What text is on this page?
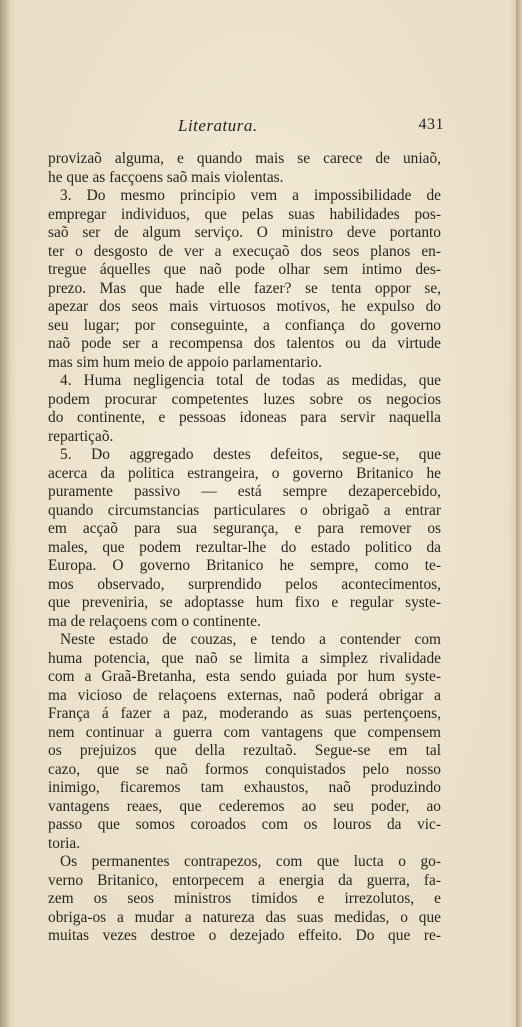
Literatura.	431
provizaõ alguma, e quando mais se carece de uniaõ,
he que as facçoens saõ mais violentas.
3. Do mesmo principio vem a impossibilidade de
empregar individuos, que pelas suas habilidades pos-
saõ ser de algum serviço. O ministro deve portanto
ter o desgosto de ver a execuçaõ dos seos planos en-
tregue áquelles que naõ pode olhar sem intimo des-
prezo. Mas que hade elle fazer? se tenta oppor se,
apezar dos seos mais virtuosos motivos, he expulso do
seu lugar; por conseguinte, a confiança do governo
naõ pode ser a recompensa dos talentos ou da virtude
mas sim hum meio de appoio parlamentario.
4. Huma negligencia total de todas as medidas, que
podem procurar competentes luzes sobre os negocios
do continente, e pessoas idoneas para servir naquella
repartiçaõ.
5. Do aggregado destes defeitos, segue-se, que
acerca da politica estrangeira, o governo Britanico he
puramente passivo — está sempre dezapercebido,
quando circumstancias particulares o obrigaõ a entrar
em acçaõ para sua segurança, e para remover os
males, que podem rezultar-lhe do estado politico da
Europa. O governo Britanico he sempre, como te-
mos observado, surprendido pelos acontecimentos,
que preveniria, se adoptasse hum fixo e regular syste-
ma de relaçoens com o continente.
Neste estado de couzas, e tendo a contender com
huma potencia, que naõ se limita a simplez rivalidade
com a Graã-Bretanha, esta sendo guiada por hum syste-
ma vicioso de relaçoens externas, naõ poderá obrigar a
França á fazer a paz, moderando as suas pertençoens,
nem continuar a guerra com vantagens que compensem
os prejuizos que della rezultaõ. Segue-se em tal
cazo, que se naõ formos conquistados pelo nosso
inimigo, ficaremos tam exhaustos, naõ produzindo
vantagens reaes, que cederemos ao seu poder, ao
passo que somos coroados com os louros da vic-
toria.
Os permanentes contrapezos, com que lucta o go-
verno Britanico, entorpecem a energia da guerra, fa-
zem os seos ministros timidos e irrezolutos, e
obriga-os a mudar a natureza das suas medidas, o que
muitas vezes destroe o dezejado effeito. Do que re-
